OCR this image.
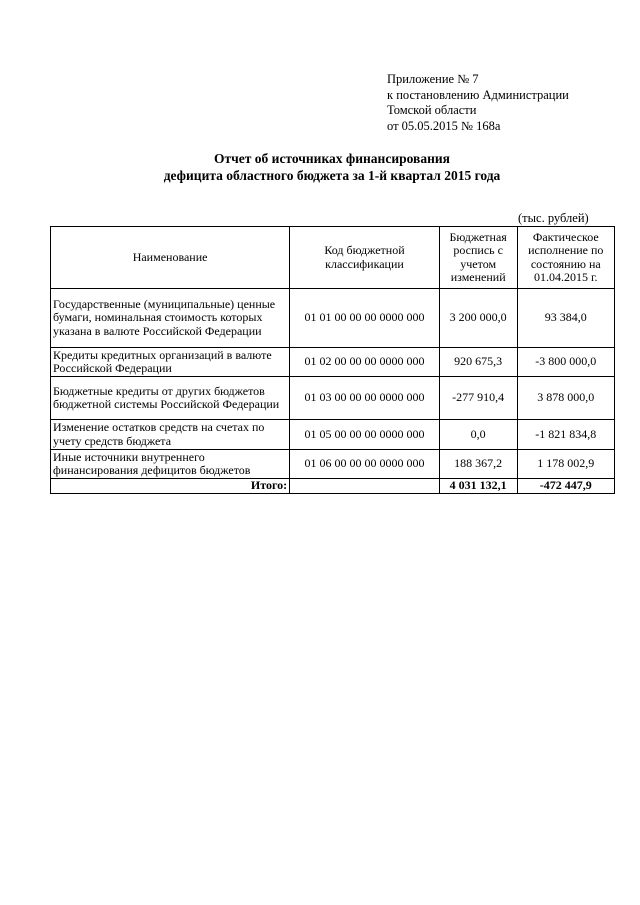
Приложение № 7
к постановлению Администрации
Томской области
от 05.05.2015 № 168а
Отчет об источниках финансирования
дефицита областного бюджета за 1-й квартал 2015 года
(тыс. рублей)
Наименование	Код бюджетной классификации	Бюджетная роспись с учетом изменений	Фактическое исполнение по состоянию на 01.04.2015 г.
Государственные (муниципальные) ценные бумаги, номинальная стоимость которых указана в валюте Российской Федерации	01 01 00 00 00 0000 000	3 200 000,0	93 384,0
Кредиты кредитных организаций в валюте Российской Федерации	01 02 00 00 00 0000 000	920 675,3	-3 800 000,0
Бюджетные кредиты от других бюджетов бюджетной системы Российской Федерации	01 03 00 00 00 0000 000	-277 910,4	3 878 000,0
Изменение остатков средств на счетах по учету средств бюджета	01 05 00 00 00 0000 000	0,0	-1 821 834,8
Иные источники внутреннего финансирования дефицитов бюджетов	01 06 00 00 00 0000 000	188 367,2	1 178 002,9
Итого:		4 031 132,1	-472 447,9
